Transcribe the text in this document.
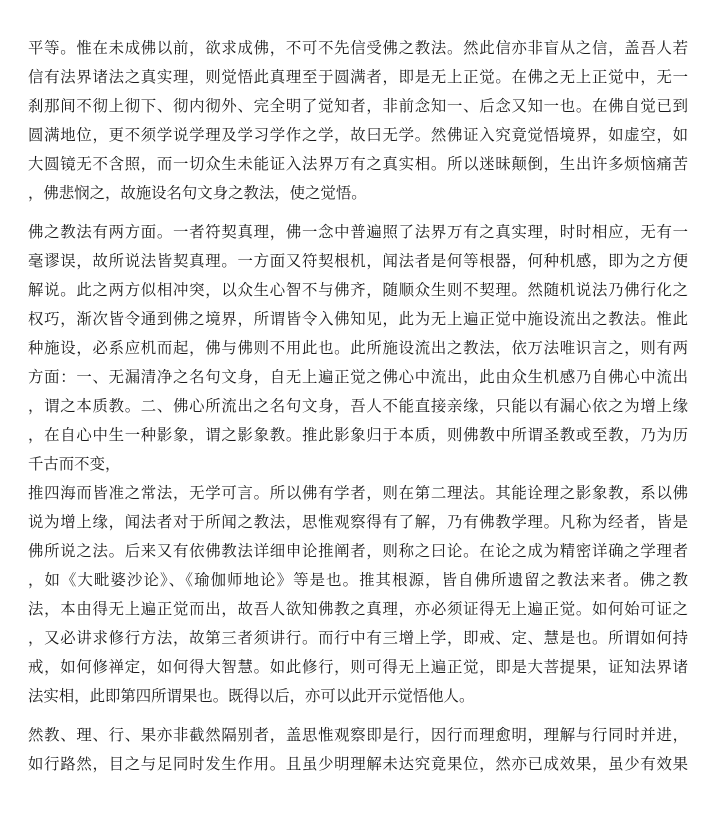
平等。惟在未成佛以前，欲求成佛，不可不先信受佛之教法。然此信亦非盲从之信，盖吾人若
信有法界诸法之真实理，则觉悟此真理至于圆满者，即是无上正觉。在佛之无上正觉中，无一
刹那间不彻上彻下、彻内彻外、完全明了觉知者，非前念知一、后念又知一也。在佛自觉已到
圆满地位，更不须学说学理及学习学作之学，故曰无学。然佛证入究竟觉悟境界，如虚空，如
大圆镜无不含照，而一切众生未能证入法界万有之真实相。所以迷昧颠倒，生出许多烦恼痛苦
，佛悲悯之，故施设名句文身之教法，使之觉悟。
佛之教法有两方面。一者符契真理，佛一念中普遍照了法界万有之真实理，时时相应，无有一
毫谬误，故所说法皆契真理。一方面又符契根机，闻法者是何等根器，何种机感，即为之方便
解说。此之两方似相冲突，以众生心智不与佛齐，随顺众生则不契理。然随机说法乃佛行化之
权巧，渐次皆令通到佛之境界，所谓皆令入佛知见，此为无上遍正觉中施设流出之教法。惟此
种施设，必系应机而起，佛与佛则不用此也。此所施设流出之教法，依万法唯识言之，则有两
方面：一、无漏清净之名句文身，自无上遍正觉之佛心中流出，此由众生机感乃自佛心中流出
，谓之本质教。二、佛心所流出之名句文身，吾人不能直接亲缘，只能以有漏心依之为增上缘
，在自心中生一种影象，谓之影象教。推此影象归于本质，则佛教中所谓圣教或至教，乃为历
千古而不变，
推四海而皆准之常法，无学可言。所以佛有学者，则在第二理法。其能诠理之影象教，系以佛
说为增上缘，闻法者对于所闻之教法，思惟观察得有了解，乃有佛教学理。凡称为经者，皆是
佛所说之法。后来又有依佛教法详细申论推阐者，则称之曰论。在论之成为精密详确之学理者
，如《大毗婆沙论》、《瑜伽师地论》等是也。推其根源，皆自佛所遗留之教法来者。佛之教
法，本由得无上遍正觉而出，故吾人欲知佛教之真理，亦必须证得无上遍正觉。如何始可证之
，又必讲求修行方法，故第三者须讲行。而行中有三增上学，即戒、定、慧是也。所谓如何持
戒，如何修禅定，如何得大智慧。如此修行，则可得无上遍正觉，即是大菩提果，证知法界诸
法实相，此即第四所谓果也。既得以后，亦可以此开示觉悟他人。
然教、理、行、果亦非截然隔别者，盖思惟观察即是行，因行而理愈明，理解与行同时并进，
如行路然，目之与足同时发生作用。且虽少明理解未达究竟果位，然亦已成效果，虽少有效果
